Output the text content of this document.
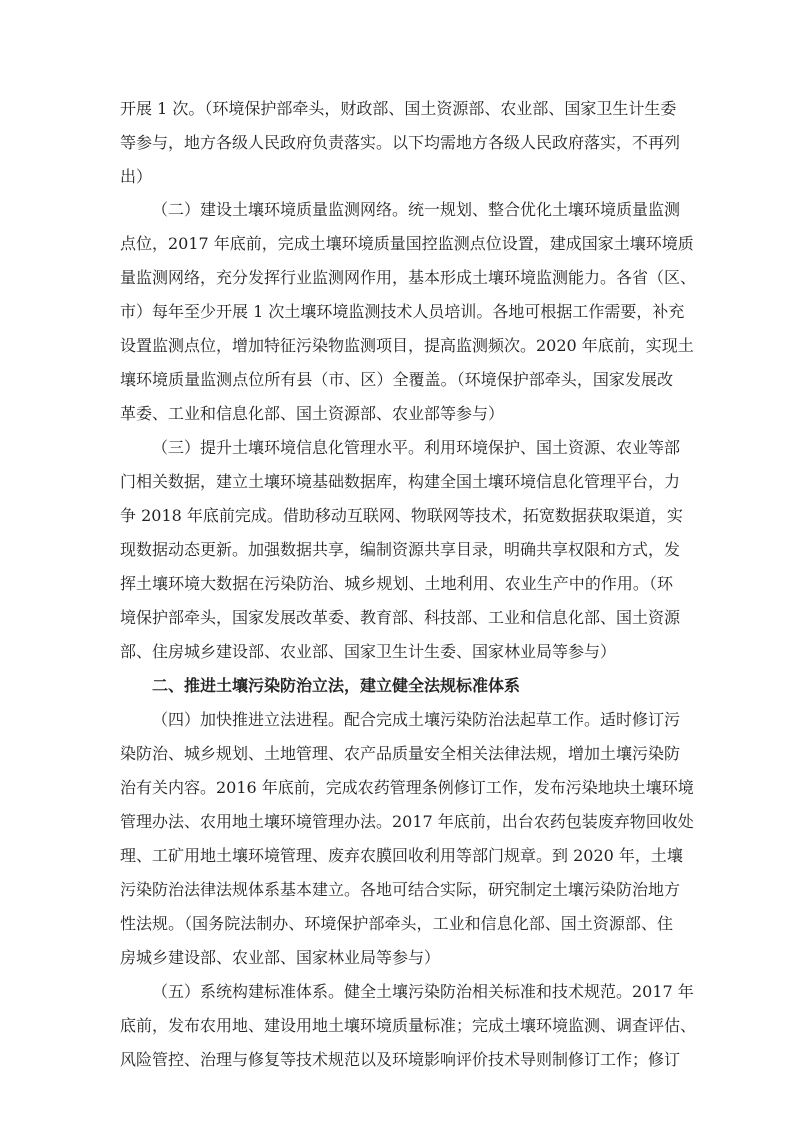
开展 1 次。（环境保护部牵头，财政部、国土资源部、农业部、国家卫生计生委
等参与，地方各级人民政府负责落实。以下均需地方各级人民政府落实，不再列
出）
（二）建设土壤环境质量监测网络。统一规划、整合优化土壤环境质量监测
点位，2017 年底前，完成土壤环境质量国控监测点位设置，建成国家土壤环境质
量监测网络，充分发挥行业监测网作用，基本形成土壤环境监测能力。各省（区、
市）每年至少开展 1 次土壤环境监测技术人员培训。各地可根据工作需要，补充
设置监测点位，增加特征污染物监测项目，提高监测频次。2020 年底前，实现土
壤环境质量监测点位所有县（市、区）全覆盖。（环境保护部牵头，国家发展改
革委、工业和信息化部、国土资源部、农业部等参与）
（三）提升土壤环境信息化管理水平。利用环境保护、国土资源、农业等部
门相关数据，建立土壤环境基础数据库，构建全国土壤环境信息化管理平台，力
争 2018 年底前完成。借助移动互联网、物联网等技术，拓宽数据获取渠道，实
现数据动态更新。加强数据共享，编制资源共享目录，明确共享权限和方式，发
挥土壤环境大数据在污染防治、城乡规划、土地利用、农业生产中的作用。（环
境保护部牵头，国家发展改革委、教育部、科技部、工业和信息化部、国土资源
部、住房城乡建设部、农业部、国家卫生计生委、国家林业局等参与）
二、推进土壤污染防治立法，建立健全法规标准体系
（四）加快推进立法进程。配合完成土壤污染防治法起草工作。适时修订污
染防治、城乡规划、土地管理、农产品质量安全相关法律法规，增加土壤污染防
治有关内容。2016 年底前，完成农药管理条例修订工作，发布污染地块土壤环境
管理办法、农用地土壤环境管理办法。2017 年底前，出台农药包装废弃物回收处
理、工矿用地土壤环境管理、废弃农膜回收利用等部门规章。到 2020 年，土壤
污染防治法律法规体系基本建立。各地可结合实际，研究制定土壤污染防治地方
性法规。（国务院法制办、环境保护部牵头，工业和信息化部、国土资源部、住
房城乡建设部、农业部、国家林业局等参与）
（五）系统构建标准体系。健全土壤污染防治相关标准和技术规范。2017 年
底前，发布农用地、建设用地土壤环境质量标准；完成土壤环境监测、调查评估、
风险管控、治理与修复等技术规范以及环境影响评价技术导则制修订工作；修订
